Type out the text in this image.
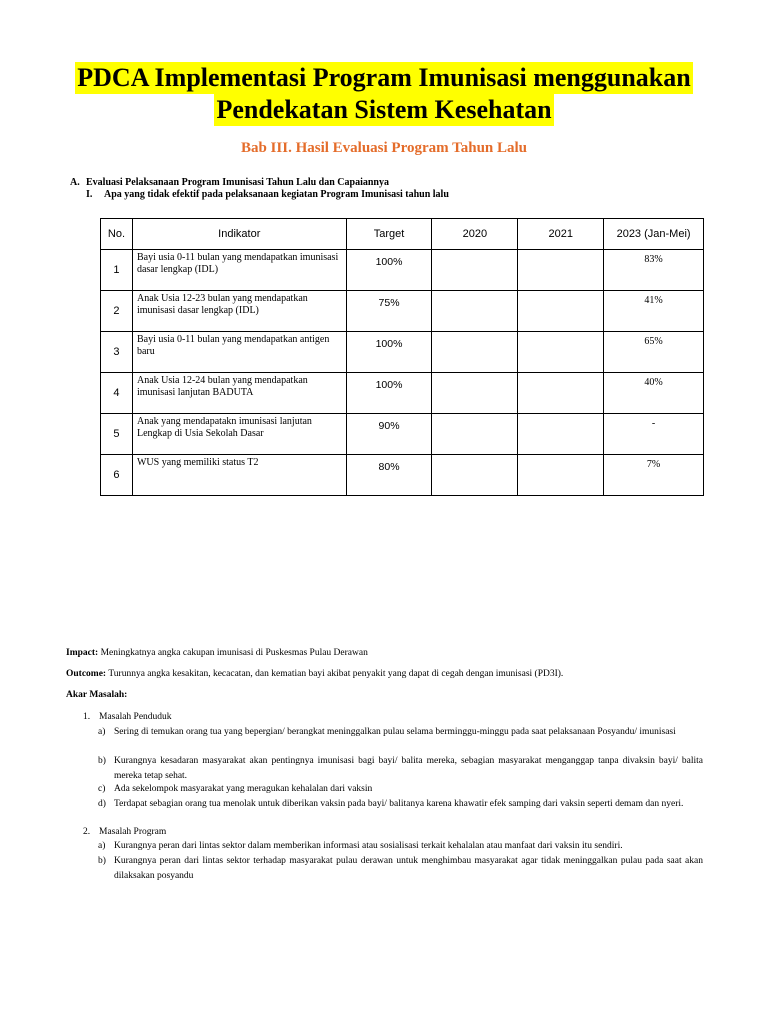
PDCA Implementasi Program Imunisasi menggunakan
Pendekatan Sistem Kesehatan
Bab III. Hasil Evaluasi Program Tahun Lalu
A. Evaluasi Pelaksanaan Program Imunisasi Tahun Lalu dan Capaiannya
I. Apa yang tidak efektif pada pelaksanaan kegiatan Program Imunisasi tahun lalu
No.	Indikator	Target	2020	2021	2023 (Jan-Mei)
1	Bayi usia 0-11 bulan yang mendapatkan imunisasi dasar lengkap (IDL)	100%			83%
2	Anak Usia 12-23 bulan yang mendapatkan imunisasi dasar lengkap (IDL)	75%			41%
3	Bayi usia 0-11 bulan yang mendapatkan antigen baru	100%			65%
4	Anak Usia 12-24 bulan yang mendapatkan imunisasi lanjutan BADUTA	100%			40%
5	Anak yang mendapatakn imunisasi lanjutan Lengkap di Usia Sekolah Dasar	90%			-
6	WUS yang memiliki status T2	80%			7%
Impact: Meningkatnya angka cakupan imunisasi di Puskesmas Pulau Derawan
Outcome: Turunnya angka kesakitan, kecacatan, dan kematian bayi akibat penyakit yang dapat di cegah dengan imunisasi (PD3I).
Akar Masalah:
1. Masalah Penduduk
a) Sering di temukan orang tua yang bepergian/ berangkat meninggalkan pulau selama berminggu-minggu pada saat pelaksanaan Posyandu/ imunisasi
b) Kurangnya kesadaran masyarakat akan pentingnya imunisasi bagi bayi/ balita mereka, sebagian masyarakat menganggap tanpa divaksin bayi/ balita mereka tetap sehat.
c) Ada sekelompok masyarakat yang meragukan kehalalan dari vaksin
d) Terdapat sebagian orang tua menolak untuk diberikan vaksin pada bayi/ balitanya karena khawatir efek samping dari vaksin seperti demam dan nyeri.
2. Masalah Program
a) Kurangnya peran dari lintas sektor dalam memberikan informasi atau sosialisasi terkait kehalalan atau manfaat dari vaksin itu sendiri.
b) Kurangnya peran dari lintas sektor terhadap masyarakat pulau derawan untuk menghimbau masyarakat agar tidak meninggalkan pulau pada saat akan dilaksakan posyandu
